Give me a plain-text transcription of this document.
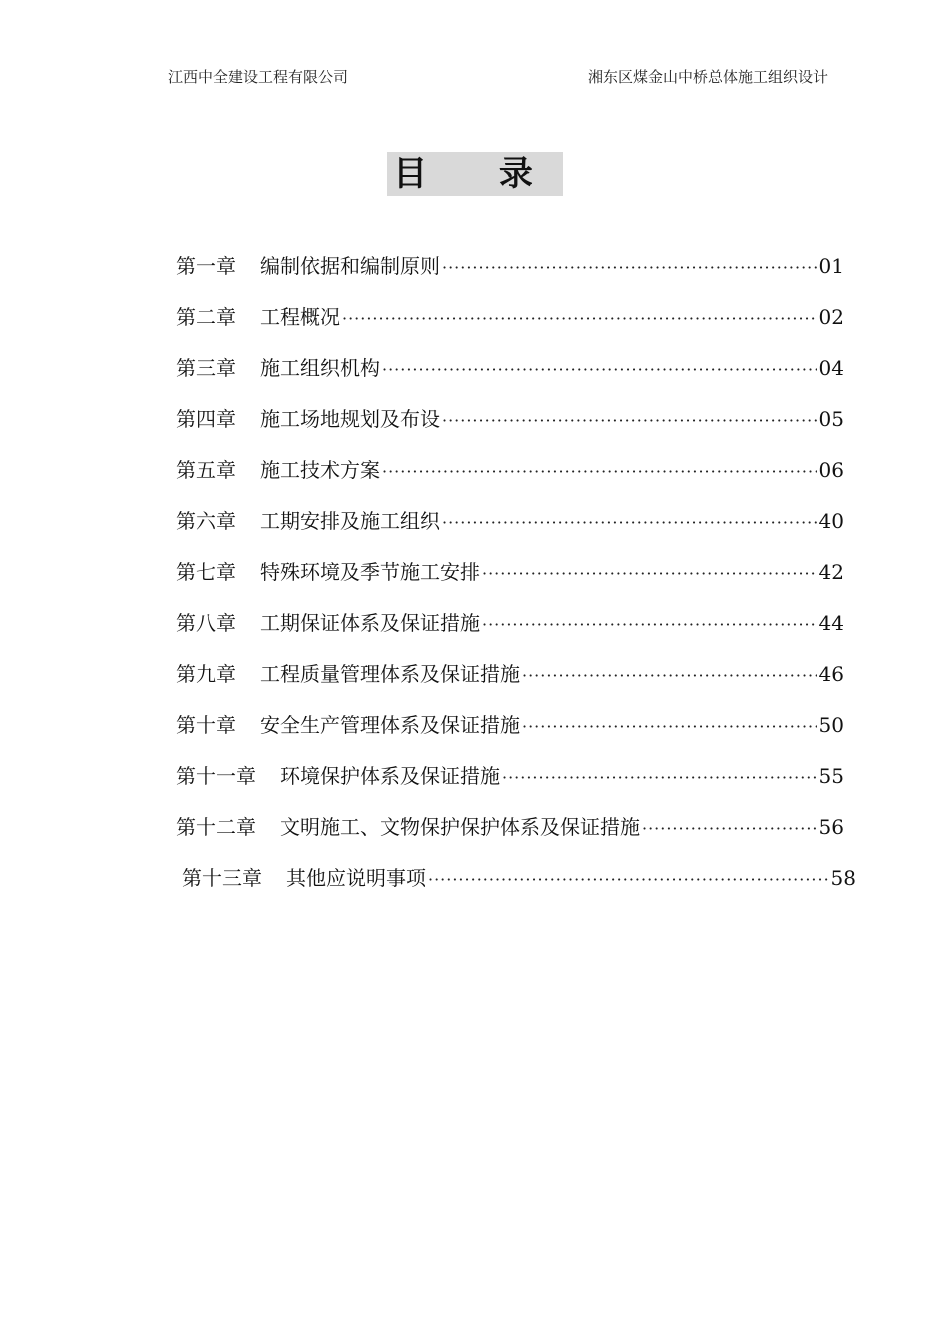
江西中全建设工程有限公司	湘东区煤金山中桥总体施工组织设计
目 录
第一章	编制依据和编制原则 ·····	01
第二章	工程概况 ·····	02
第三章	施工组织机构 ·····	04
第四章	施工场地规划及布设 ·····	05
第五章	施工技术方案 ·····	06
第六章	工期安排及施工组织 ·····	40
第七章	特殊环境及季节施工安排 ·····	42
第八章	工期保证体系及保证措施 ·····	44
第九章	工程质量管理体系及保证措施 ·····	46
第十章	安全生产管理体系及保证措施 ·····	50
第十一章	环境保护体系及保证措施 ·····	55
第十二章	文明施工、文物保护保护体系及保证措施 ·····	56
第十三章	其他应说明事项 ·····	58
